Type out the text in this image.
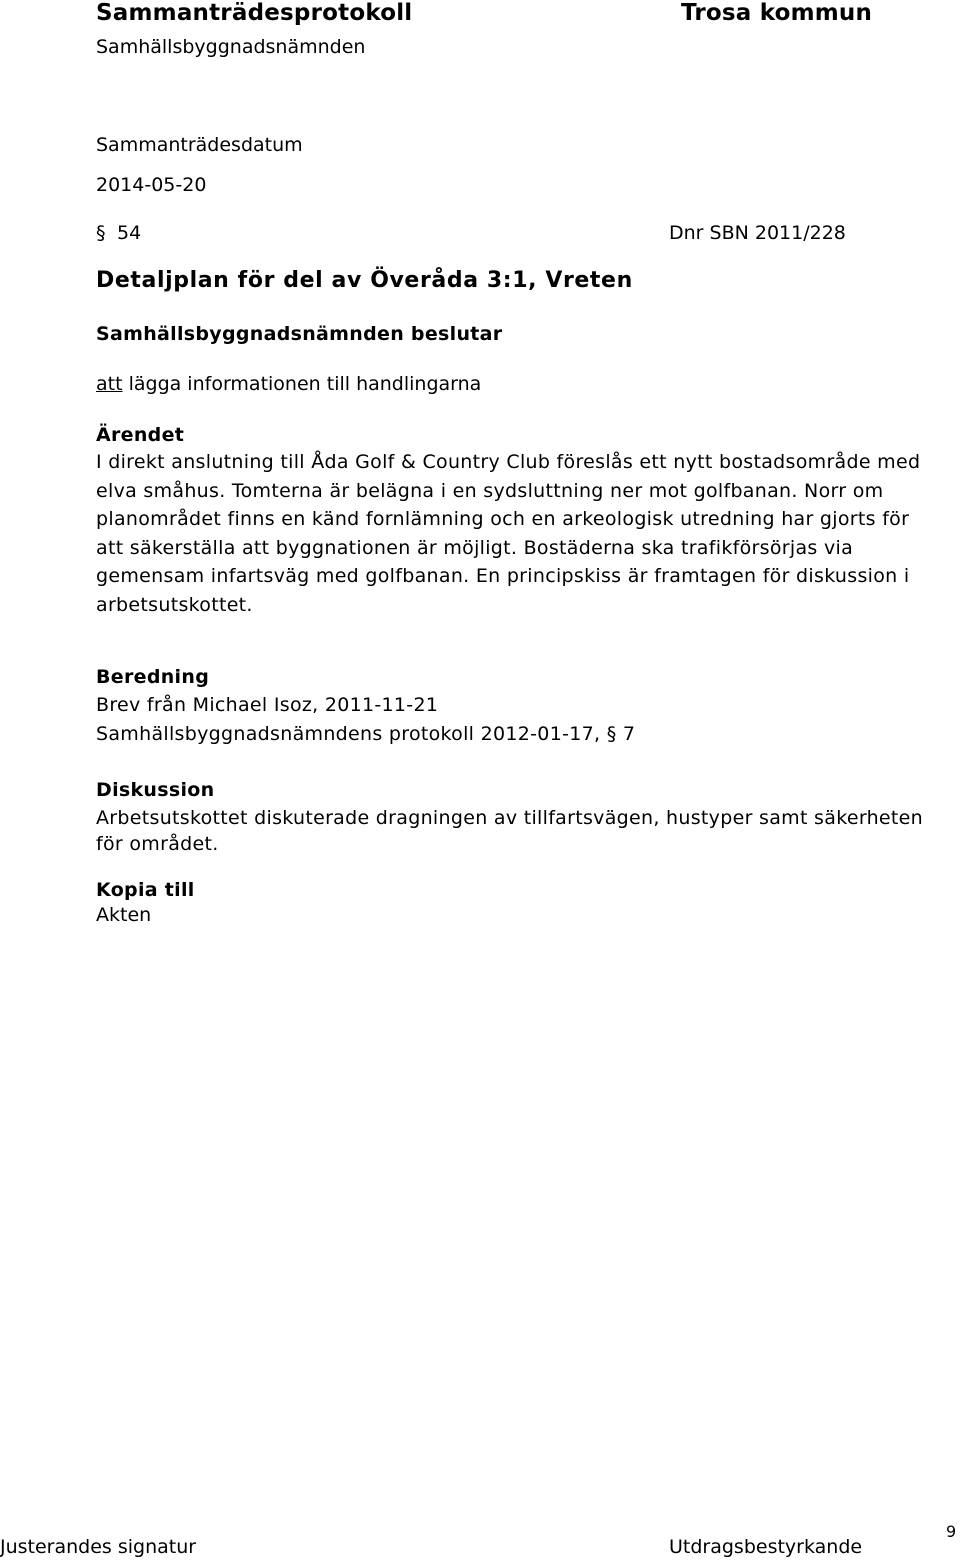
Sammanträdesprotokoll	Trosa kommun
Samhällsbyggnadsnämnden
Sammanträdesdatum
2014-05-20
§ 54	Dnr SBN 2011/228
Detaljplan för del av Överåda 3:1, Vreten
Samhällsbyggnadsnämnden beslutar
att lägga informationen till handlingarna
Ärendet
I direkt anslutning till Åda Golf & Country Club föreslås ett nytt bostadsområde med
elva småhus. Tomterna är belägna i en sydsluttning ner mot golfbanan. Norr om
planområdet finns en känd fornlämning och en arkeologisk utredning har gjorts för
att säkerställa att byggnationen är möjligt. Bostäderna ska trafikförsörjas via
gemensam infartsväg med golfbanan. En principskiss är framtagen för diskussion i
arbetsutskottet.
Beredning
Brev från Michael Isoz, 2011-11-21
Samhällsbyggnadsnämndens protokoll 2012-01-17, § 7
Diskussion
Arbetsutskottet diskuterade dragningen av tillfartsvägen, hustyper samt säkerheten
för området.
Kopia till
Akten
Justerandes signatur	Utdragsbestyrkande
9
